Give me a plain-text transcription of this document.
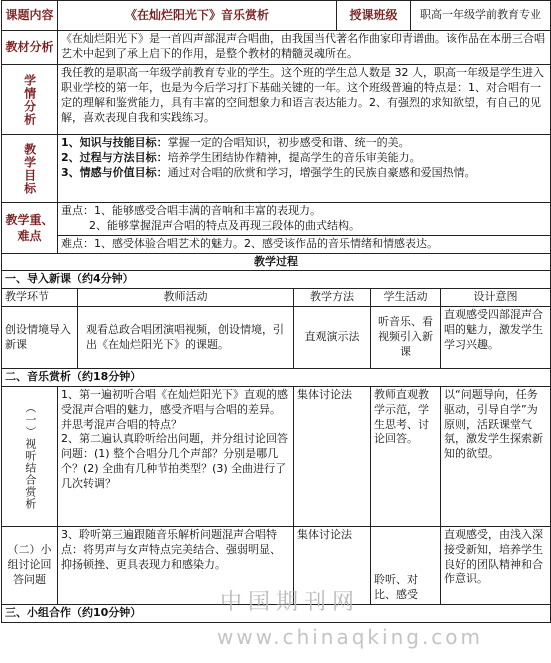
课题内容	《在灿烂阳光下》音乐赏析			授课班级		职高一年级学前教育专业	
教材分析	《在灿烂阳光下》是一首四声部混声合唱曲，由我国当代著名作曲家印青谱曲。该作品在本册三合唱艺术中起到了承上启下的作用，是整个教材的精髓灵魂所在。						

学情分析	我任教的是职高一年级学前教育专业的学生。这个班的学生总人数是 32 人，职高一年级是学生进入职业学校的第一年，也是为今后学习打下基础关键的一年。这个班级普遍的特点是：1、对合唱有一定的理解和鉴赏能力，具有丰富的空间想象力和语言表达能力。2、有强烈的求知欲望，有自己的见解，喜欢表现自我和实践练习。						

教学目标	1、知识与技能目标：掌握一定的合唱知识，初步感受和谐、统一的美。
2、过程与方法目标：培养学生团结协作精神，提高学生的音乐审美能力。
3、情感与价值目标：通过对合唱的欣赏和学习，增强学生的民族自豪感和爱国热情。						

教学重、难点	重点：1、能够感受合唱丰满的音响和丰富的表现力。
2、能够掌握混声合唱的特点及再现三段体的曲式结构。						

	难点：1、感受体验合唱艺术的魅力。2、感受该作品的音乐情绪和情感表达。						
教学过程							
一、导入新课（约4分钟）							
教学环节		教师活动	教学方法		学生活动		设计意图
创设情境导入新课		观看总政合唱团演唱视频，创设情境，引出《在灿烂阳光下》的课题。	直观演示法		听音乐、看视频引入新课		直观感受四部混声合唱的魅力，激发学生学习兴趣。
二、音乐赏析（约18分钟）							

（一）视听结合赏析	1、第一遍初听合唱《在灿烂阳光下》直观的感受混声合唱的魅力，感受齐唱与合唱的差异。并思考混声合唱的特点？
2、第二遍认真聆听给出问题，并分组讨论回答问题：(1) 整个合唱分几个声部？分别是哪几个？(2) 全曲有几种节拍类型？(3) 全曲进行了几次转调？		集体讨论法		教师直观教学示范，学生思考、讨论回答。		以“问题导向，任务驱动，引导自学”为原则，活跃课堂气氛，激发学生探索新知的欲望。
（二）小组讨论回答问题	3、聆听第三遍跟随音乐解析问题混声合唱特点：将男声与女声特点完美结合、强弱明显、抑扬顿挫、更具表现力和感染力。		集体讨论法		聆听、对比、感受		直观感受，由浅入深接受新知，培养学生良好的团队精神和合作意识。
三、小组合作（约10分钟）								中国期刊网
www.chinaqking.com
